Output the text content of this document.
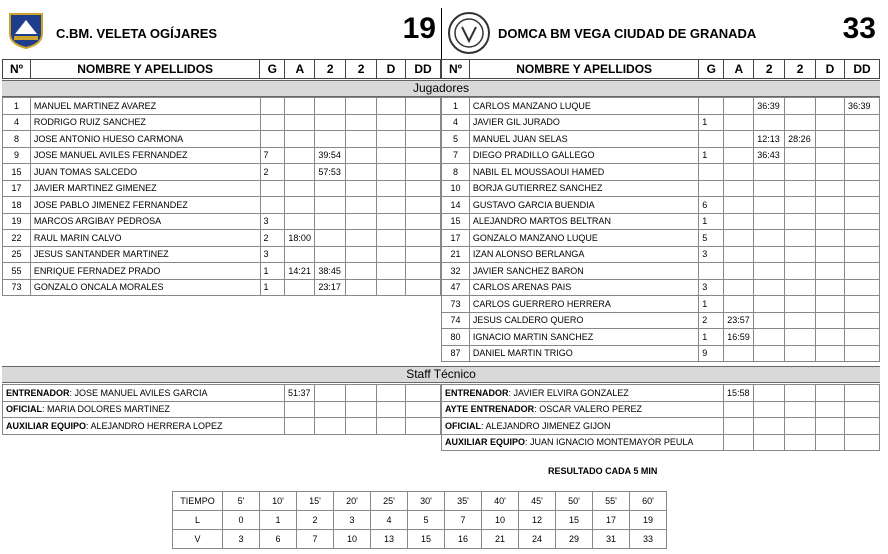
C.BM. VELETA OGÍJARES	19	DOMCA BM VEGA CIUDAD DE GRANADA	33
Nº	NOMBRE Y APELLIDOS	G	A	2	2	D	DD Nº	NOMBRE Y APELLIDOS	G	A	2	2	D	DD
Jugadores
1	MANUEL MARTINEZ AVAREZ						
4	RODRIGO RUIZ SANCHEZ						
8	JOSE ANTONIO HUESO CARMONA						
9	JOSE MANUEL AVILES FERNANDEZ	7		39:54			
15	JUAN TOMAS SALCEDO	2		57:53			
17	JAVIER MARTINEZ GIMENEZ						
18	JOSE PABLO JIMENEZ FERNANDEZ						
19	MARCOS ARGIBAY PEDROSA	3					
22	RAUL MARIN CALVO	2	18:00				
25	JESUS SANTANDER MARTINEZ	3					
55	ENRIQUE FERNADEZ PRADO	1	14:21	38:45			
73	GONZALO ONCALA MORALES	1		23:17			
1	CARLOS MANZANO LUQUE			36:39			36:39
4	JAVIER GIL JURADO	1					
5	MANUEL JUAN SELAS			12:13	28:26		
7	DIEGO PRADILLO GALLEGO	1		36:43			
8	NABIL EL MOUSSAOUI HAMED						
10	BORJA GUTIERREZ SANCHEZ						
14	GUSTAVO GARCIA BUENDIA	6					
15	ALEJANDRO MARTOS BELTRAN	1					
17	GONZALO MANZANO LUQUE	5					
21	IZAN ALONSO BERLANGA	3					
32	JAVIER SANCHEZ BARON						
47	CARLOS ARENAS PAIS	3					
73	CARLOS GUERRERO HERRERA	1					
74	JESUS CALDERO QUERO	2	23:57				
80	IGNACIO MARTIN SANCHEZ	1	16:59				
87	DANIEL MARTIN TRIGO	9					
Staff Técnico
ENTRENADOR: JOSE MANUEL AVILES GARCIA	51:37				
OFICIAL: MARIA DOLORES MARTINEZ					
AUXILIAR EQUIPO: ALEJANDRO HERRERA LOPEZ					
ENTRENADOR: JAVIER ELVIRA GONZALEZ	15:58				
AYTE ENTRENADOR: OSCAR VALERO PEREZ					
OFICIAL: ALEJANDRO JIMENEZ GIJON					
AUXILIAR EQUIPO: JUAN IGNACIO MONTEMAYOR PEULA					
RESULTADO CADA 5 MIN
TIEMPO	5'	10'	15'	20'	25'	30'	35'	40'	45'	50'	55'	60'
L	0	1	2	3	4	5	7	10	12	15	17	19
V	3	6	7	10	13	15	16	21	24	29	31	33
